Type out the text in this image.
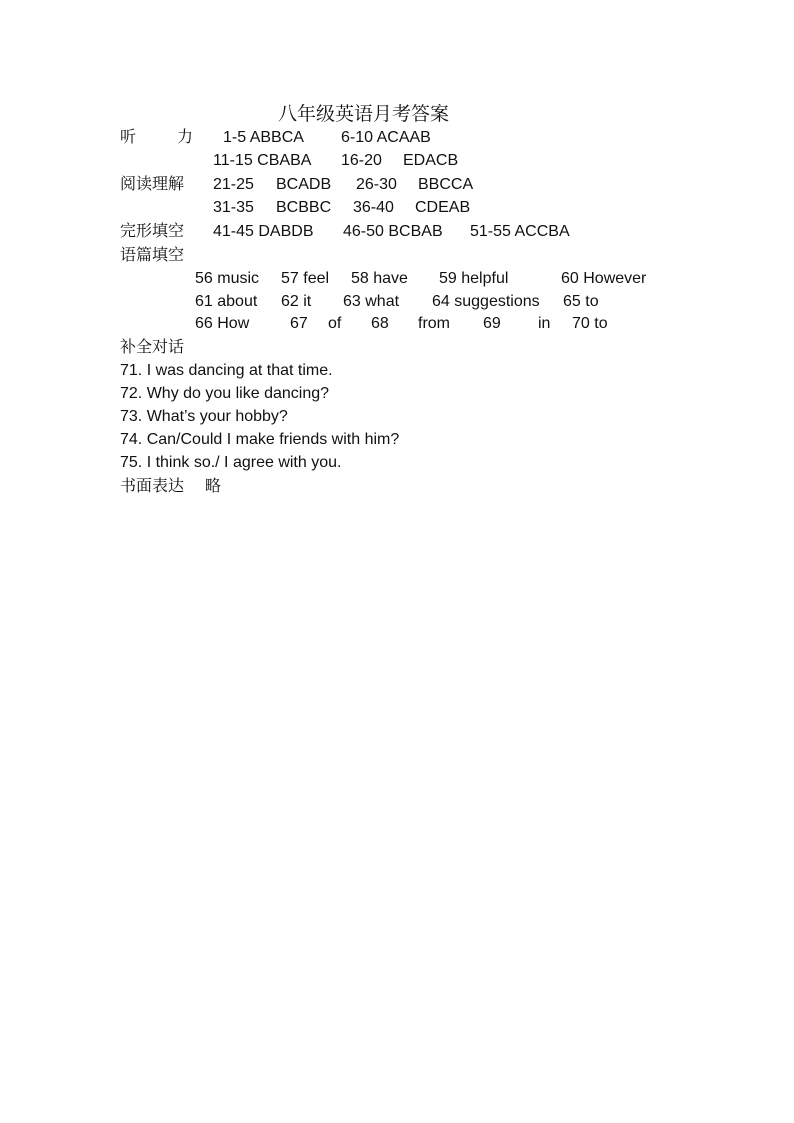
八年级英语月考答案
听	力 1-5 ABBCA 6-10 ACAAB
11-15 CBABA 16-20 EDACB
阅读理解 21-25 BCADB 26-30 BBCCA
31-35 BCBBC 36-40 CDEAB
完形填空 41-45 DABDB 46-50 BCBAB 51-55 ACCBA
语篇填空
56 music 57 feel 58 have 59 helpful	60 However
61 about 62 it 63 what 64 suggestions 65 to
66 How	67 of 68 from 69 in 70 to
补全对话
71. I was dancing at that time.
72. Why do you like dancing?
73. What’s your hobby?
74. Can/Could I make friends with him?
75. I think so./ I agree with you.
书面表达 略
